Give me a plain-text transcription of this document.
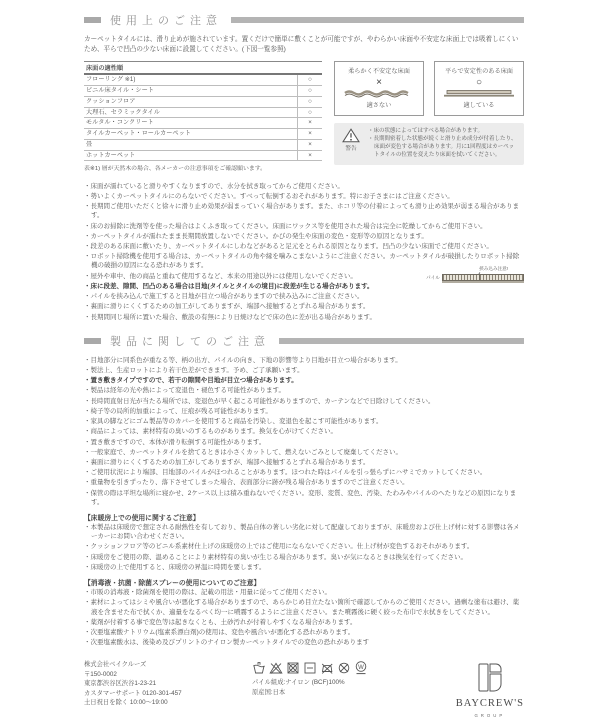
使用上のご注意
カーペットタイルには、滑り止めが施されています。置くだけで簡単に敷くことが可能ですが、やわらかい床面や不安定な床面上では吸着しにくいため、平らで凹凸の少ない床面に設置してください。(下図一覧参照)
床面の適性順	
フローリング ※1)	○
ビニル床タイル・シート	○
クッションフロア	○
大理石、セラミックタイル	○
モルタル・コンクリート	×
タイルカーペット・ロールカーペット	×
畳	×
ホットカーペット	×
表※1) 層が天然木の場合、各メーカーの注意事項をご確認願います。
柔らかく不安定な床面
×
適さない
平らで安定性のある床面
○
適している
警告
・床の状態によってはすべる場合があります。
・長期間密着した状態が続くと滑り止め成分が付着したり、床面が変色する場合があります。月に1回程度はカーペットタイルの位置を変えたり床面を拭いてください。
・床面が濡れていると滑りやすくなりますので、水分を拭き取ってからご使用ください。
・勢いよくカーペットタイルにのらないでください。すべって転倒するおそれがあります。特にお子さまにはご注意ください。
・長期間ご使用いただくと徐々に滑り止め効果が弱まっていく場合があります。また、ホコリ等の付着によっても滑り止め効果が弱まる場合があります。
・床のお掃除に洗剤等を使った場合はよくふき取ってください。床面にワックス等を使用された場合は完全に乾燥してからご使用下さい。
・カーペットタイルが濡れたまま長期間放置しないでください。かびの発生や床面の変色・変形等の原因となります。
・段差のある床面に敷いたり、カーペットタイルにしわなどがあると足元をとられる原因となります。凹凸の少ない床面でご使用ください。
・ロボット掃除機を使用する場合は、カーペットタイルの角や縁を噛みこまないようにご注意ください。カーペットタイルが破損したりロボット掃除機の破損の原因になる恐れがあります。
・屋外や車中、他の商品と重ねて使用するなど、本来の用途以外には使用しないでください。
・床に段差、隙間、凹凸のある場合は目地(タイルとタイルの境目)に段差が生じる場合があります。
・パイルを挟み込んで施工すると目地が目立つ場合がありますので挟み込みにご注意ください。
・裏面に滑りにくくするための加工がしてありますが、端部へ接触するとずれる場合があります。
・長期間同じ場所に置いた場合、敷設の有無により日焼けなどで床の色に差が出る場合があります。
挟み込み注意!
パイル
製品に関してのご注意
・目地部分に同系色が重なる等、柄の出方、パイルの向き、下地の影響等より目地が目立つ場合があります。
・製法上、生産ロットにより若干色差ができます。予め、ご了承願います。
・置き敷きタイプですので、若干の隙間や目地が目立つ場合があります。
・製品は経年の光や熱によって変退色・褪色する可能性があります。
・長時間直射日光が当たる場所では、変退色が早く起こる可能性がありますので、カーテンなどで日除けしてください。
・椅子等の局所的加重によって、圧痕が残る可能性があります。
・家具の脚などにゴム製品等のカバーを使用すると商品を汚染し、変退色を起こす可能性があります。
・商品によっては、素材特有の臭いのするものがあります。換気を心がけてください。
・置き敷きですので、本体が滑り転倒する可能性があります。
・一般家庭で、カーペットタイルを捨てるときは小さくカットして、燃えないごみとして廃棄してください。
・裏面に滑りにくくするための加工がしてありますが、端部へ接触するとずれる場合があります。
・ご使用状況により端部、目地部のパイルがほつれることがあります。ほつれた時はパイルを引っ張らずにハサミでカットしてください。
・重量物を引きずったり、落下させてしまった場合、表面部分に跡が残る場合がありますのでご注意ください。
・保管の際は平坦な場所に寝かせ、2ケース以上は積み重ねないでください。変形、変質、変色、汚染、たわみやパイルのへたりなどの原因になります。
【床暖房上での使用に関するご注意】
・本製品は床暖房で想定される耐熱性を有しており、製品自体の著しい劣化に対して配慮しておりますが、床暖房および仕上げ材に対する影響は各メーカーにお問い合わせください。
・クッションフロア等のビニル系素材仕上げの床暖房の上ではご使用にならないでください。仕上げ材が変色するおそれがあります。
・床暖房をご使用の際、温めることにより素材特有の臭いが生じる場合があります。臭いが気になるときは換気を行ってください。
・床暖房の上で使用すると、床暖房の昇温に時間を要します。
【消毒液・抗菌・除菌スプレーの使用についてのご注意】
・市販の消毒液・除菌剤を使用の際は、記載の用法・用量に従ってご使用ください。
・素材によってはシミや風合いが悪化する場合がありますので、あらかじめ目立たない箇所で確認してからのご使用ください。過剰な塗布は避け、薬液を含ませた布で拭くか、適量をなるべく均一に噴霧するようにご注意ください。また噴霧後に硬く絞った布巾で水拭きをしてください。
・薬剤が付着する事で変色等は起きなくとも、土砂汚れが付着しやすくなる場合があります。
・次亜塩素酸ナトリウム(塩素系漂白剤)の使用は、変色や風合いが悪化する恐れがあります。
・次亜塩素酸水は、後染め及びプリントのナイロン製カーペットタイルでの変色の恐れがあります
株式会社ベイクルーズ
〒150-0002
東京都渋谷区渋谷1-23-21
カスタマーサポート 0120-301-457
土日祝日を除く 10:00〜19:00
W
パイル組成:ナイロン (BCF)100%
原産国:日本
BAYCREW'S
GROUP
